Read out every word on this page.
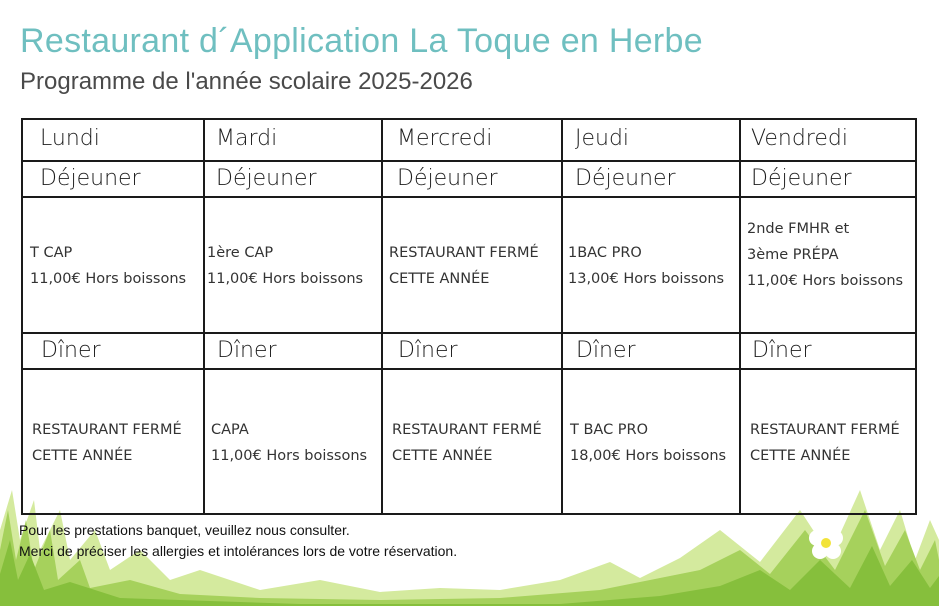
Restaurant d´Application La Toque en Herbe
Programme de l'année scolaire 2025-2026
Lundi
Déjeuner
T CAP
11,00€ Hors boissons
Dîner
RESTAURANT FERMÉ
CETTE ANNÉE
Mardi
Déjeuner
1ère CAP
11,00€ Hors boissons
Dîner
CAPA
11,00€ Hors boissons
Mercredi
Déjeuner
RESTAURANT FERMÉ
CETTE ANNÉE
Dîner
RESTAURANT FERMÉ
CETTE ANNÉE
Jeudi
Déjeuner
1BAC PRO
13,00€ Hors boissons
Dîner
T BAC PRO
18,00€ Hors boissons
Vendredi
Déjeuner
2nde FMHR et
3ème PRÉPA
11,00€ Hors boissons
Dîner
RESTAURANT FERMÉ
CETTE ANNÉE
Pour les prestations banquet, veuillez nous consulter.
Merci de préciser les allergies et intolérances lors de votre réservation.
